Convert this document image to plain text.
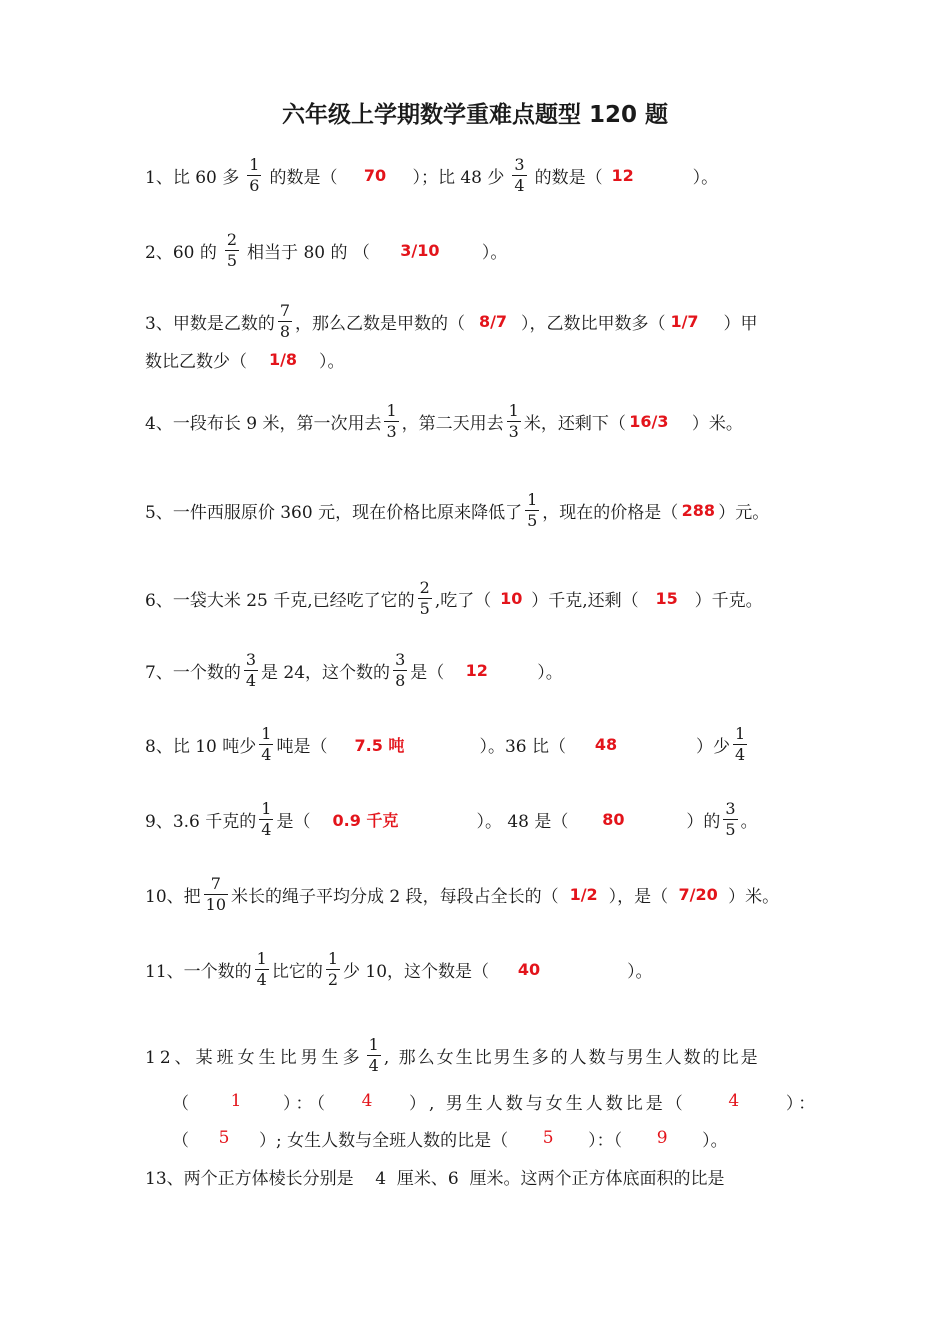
六年级上学期数学重难点题型 120 题
1、比 60 多 $\frac{1}{6}$ 的数是（	70	）；比 48 少 $\frac{3}{4}$ 的数是（ 12	）。
2、60 的 $\frac{2}{5}$ 相当于 80 的 （	3/10	）。
3、甲数是乙数的 $\frac{7}{8}$ ，那么乙数是甲数的（ 8/7 ），乙数比甲数多（ 1/7 ）甲
数比乙数少（	1/8	）。
4、一段布长 9 米，第一次用去 $\frac{1}{3}$ ，第二天用去 $\frac{1}{3}$ 米，还剩下（ 16/3 ）米。
5、一件西服原价 360 元，现在价格比原来降低了 $\frac{1}{5}$ ，现在的价格是（ 288 ）元。
6、一袋大米 25 千克,已经吃了它的 $\frac{2}{5}$ ,吃了（ 10 ）千克,还剩（	15 ）千克。
7、一个数的 $\frac{3}{4}$ 是 24，这个数的 $\frac{3}{8}$ 是（	12	）。
8、比 10 吨少 $\frac{1}{4}$ 吨是（	7.5 吨	）。36 比（	48	）少 $\frac{1}{4}$
9、3.6 千克的 $\frac{1}{4}$ 是（	0.9 千克	）。 48 是（	80	）的 $\frac{3}{5}$ 。
10、把 $\frac{7}{10}$ 米长的绳子平均分成 2 段，每段占全长的（ 1/2 ），是（ 7/20 ）米。
11、一个数的 $\frac{1}{4}$ 比它的 $\frac{1}{2}$ 少 10，这个数是（	40	）。
12、某班女生比男生多 $\frac{1}{4}$ , 那么女生比男生多的人数与男生人数的比是
（	1	）：（	4	）, 男生人数与女生人数比是（	4	）：
（	5	）; 女生人数与全班人数的比是（	5	）：（	9	）。
13、两个正方体棱长分别是    4  厘米、6  厘米。这两个正方体底面积的比是
